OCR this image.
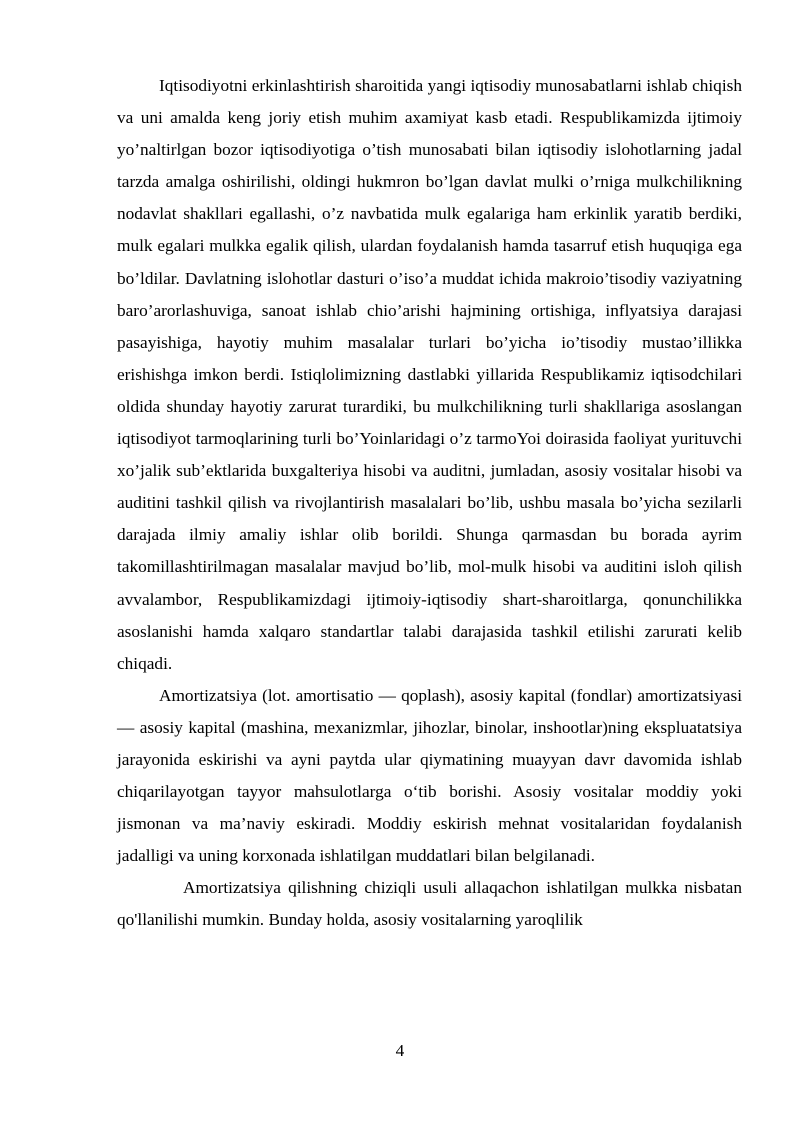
Iqtisodiyotni erkinlashtirish sharoitida yangi iqtisodiy munosabatlarni ishlab chiqish va uni amalda keng joriy etish muhim axamiyat kasb etadi. Respublikamizda ijtimoiy yo’naltirlgan bozor iqtisodiyotiga o’tish munosabati bilan iqtisodiy islohotlarning jadal tarzda amalga oshirilishi, oldingi hukmron bo’lgan davlat mulki o’rniga mulkchilikning nodavlat shakllari egallashi, o’z navbatida mulk egalariga ham erkinlik yaratib berdiki, mulk egalari mulkka egalik qilish, ulardan foydalanish hamda tasarruf etish huquqiga ega bo’ldilar. Davlatning islohotlar dasturi o’iso’a muddat ichida makroio’tisodiy vaziyatning baro’arorlashuviga, sanoat ishlab chio’arishi hajmining ortishiga, inflyatsiya darajasi pasayishiga, hayotiy muhim masalalar turlari bo’yicha io’tisodiy mustao’illikka erishishga imkon berdi. Istiqlolimizning dastlabki yillarida Respublikamiz iqtisodchilari oldida shunday hayotiy zarurat turardiki, bu mulkchilikning turli shakllariga asoslangan iqtisodiyot tarmoqlarining turli bo’Yoinlaridagi o’z tarmoYoi doirasida faoliyat yurituvchi xo’jalik sub’ektlarida buxgalteriya hisobi va auditni, jumladan, asosiy vositalar hisobi va auditini tashkil qilish va rivojlantirish masalalari bo’lib, ushbu masala bo’yicha sezilarli darajada ilmiy amaliy ishlar olib borildi. Shunga qarmasdan bu borada ayrim takomillashtirilmagan masalalar mavjud bo’lib, mol-mulk hisobi va auditini isloh qilish avvalambor, Respublikamizdagi ijtimoiy-iqtisodiy shart-sharoitlarga, qonunchilikka asoslanishi hamda xalqaro standartlar talabi darajasida tashkil etilishi zarurati kelib chiqadi.

Amortizatsiya (lot. amortisatio — qoplash), asosiy kapital (fondlar) amortizatsiyasi — asosiy kapital (mashina, mexanizmlar, jihozlar, binolar, inshootlar)ning ekspluatatsiya jarayonida eskirishi va ayni paytda ular qiymatining muayyan davr davomida ishlab chiqarilayotgan tayyor mahsulotlarga o‘tib borishi. Asosiy vositalar moddiy yoki jismonan va ma’naviy eskiradi. Moddiy eskirish mehnat vositalaridan foydalanish jadalligi va uning korxonada ishlatilgan muddatlari bilan belgilanadi.

Amortizatsiya qilishning chiziqli usuli allaqachon ishlatilgan mulkka nisbatan qo'llanilishi mumkin. Bunday holda, asosiy vositalarning yaroqlilik

4
